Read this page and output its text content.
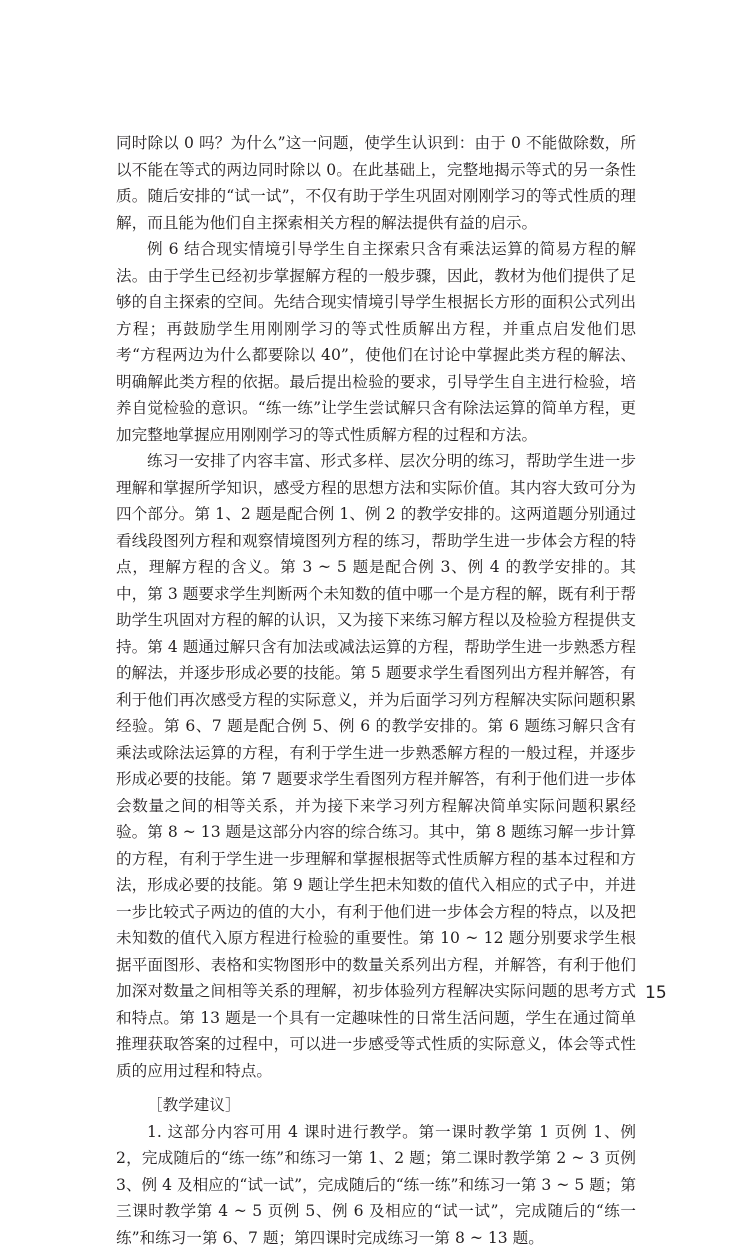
同时除以 0 吗？为什么”这一问题，使学生认识到：由于 0 不能做除数，所以不能在等式的两边同时除以 0。在此基础上，完整地揭示等式的另一条性质。随后安排的“试一试”，不仅有助于学生巩固对刚刚学习的等式性质的理解，而且能为他们自主探索相关方程的解法提供有益的启示。

例 6 结合现实情境引导学生自主探索只含有乘法运算的简易方程的解法。由于学生已经初步掌握解方程的一般步骤，因此，教材为他们提供了足够的自主探索的空间。先结合现实情境引导学生根据长方形的面积公式列出方程；再鼓励学生用刚刚学习的等式性质解出方程，并重点启发他们思考“方程两边为什么都要除以 40”，使他们在讨论中掌握此类方程的解法、明确解此类方程的依据。最后提出检验的要求，引导学生自主进行检验，培养自觉检验的意识。“练一练”让学生尝试解只含有除法运算的简单方程，更加完整地掌握应用刚刚学习的等式性质解方程的过程和方法。

练习一安排了内容丰富、形式多样、层次分明的练习，帮助学生进一步理解和掌握所学知识，感受方程的思想方法和实际价值。其内容大致可分为四个部分。第 1、2 题是配合例 1、例 2 的教学安排的。这两道题分别通过看线段图列方程和观察情境图列方程的练习，帮助学生进一步体会方程的特点，理解方程的含义。第 3 ~ 5 题是配合例 3、例 4 的教学安排的。其中，第 3 题要求学生判断两个未知数的值中哪一个是方程的解，既有利于帮助学生巩固对方程的解的认识，又为接下来练习解方程以及检验方程提供支持。第 4 题通过解只含有加法或减法运算的方程，帮助学生进一步熟悉方程的解法，并逐步形成必要的技能。第 5 题要求学生看图列出方程并解答，有利于他们再次感受方程的实际意义，并为后面学习列方程解决实际问题积累经验。第 6、7 题是配合例 5、例 6 的教学安排的。第 6 题练习解只含有乘法或除法运算的方程，有利于学生进一步熟悉解方程的一般过程，并逐步形成必要的技能。第 7 题要求学生看图列方程并解答，有利于他们进一步体会数量之间的相等关系，并为接下来学习列方程解决简单实际问题积累经验。第 8 ~ 13 题是这部分内容的综合练习。其中，第 8 题练习解一步计算的方程，有利于学生进一步理解和掌握根据等式性质解方程的基本过程和方法，形成必要的技能。第 9 题让学生把未知数的值代入相应的式子中，并进一步比较式子两边的值的大小，有利于他们进一步体会方程的特点，以及把未知数的值代入原方程进行检验的重要性。第 10 ~ 12 题分别要求学生根据平面图形、表格和实物图形中的数量关系列出方程，并解答，有利于他们加深对数量之间相等关系的理解，初步体验列方程解决实际问题的思考方式和特点。第 13 题是一个具有一定趣味性的日常生活问题，学生在通过简单推理获取答案的过程中，可以进一步感受等式性质的实际意义，体会等式性质的应用过程和特点。

［教学建议］

1. 这部分内容可用 4 课时进行教学。第一课时教学第 1 页例 1、例 2，完成随后的“练一练”和练习一第 1、2 题；第二课时教学第 2 ~ 3 页例 3、例 4 及相应的“试一试”，完成随后的“练一练”和练习一第 3 ~ 5 题；第三课时教学第 4 ~ 5 页例 5、例 6 及相应的“试一试”，完成随后的“练一练”和练习一第 6、7 题；第四课时完成练习一第 8 ~ 13 题。

15
